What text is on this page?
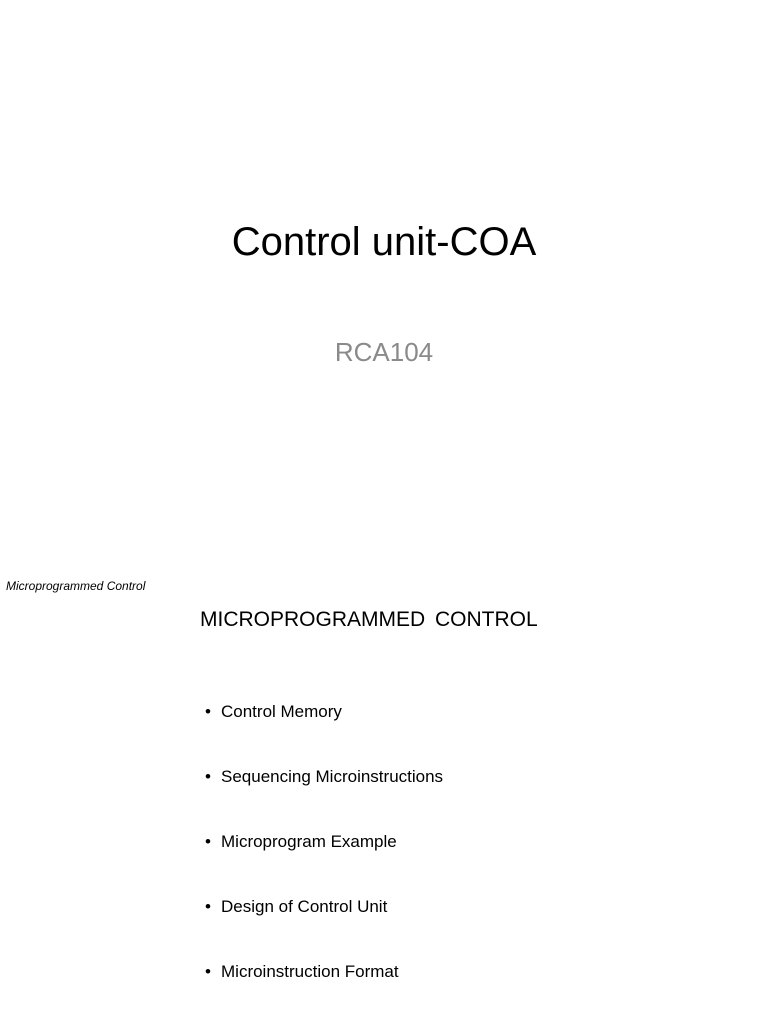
Control unit-COA
RCA104
Microprogrammed Control
MICROPROGRAMMED CONTROL
• Control Memory
• Sequencing Microinstructions
• Microprogram Example
• Design of Control Unit
• Microinstruction Format
